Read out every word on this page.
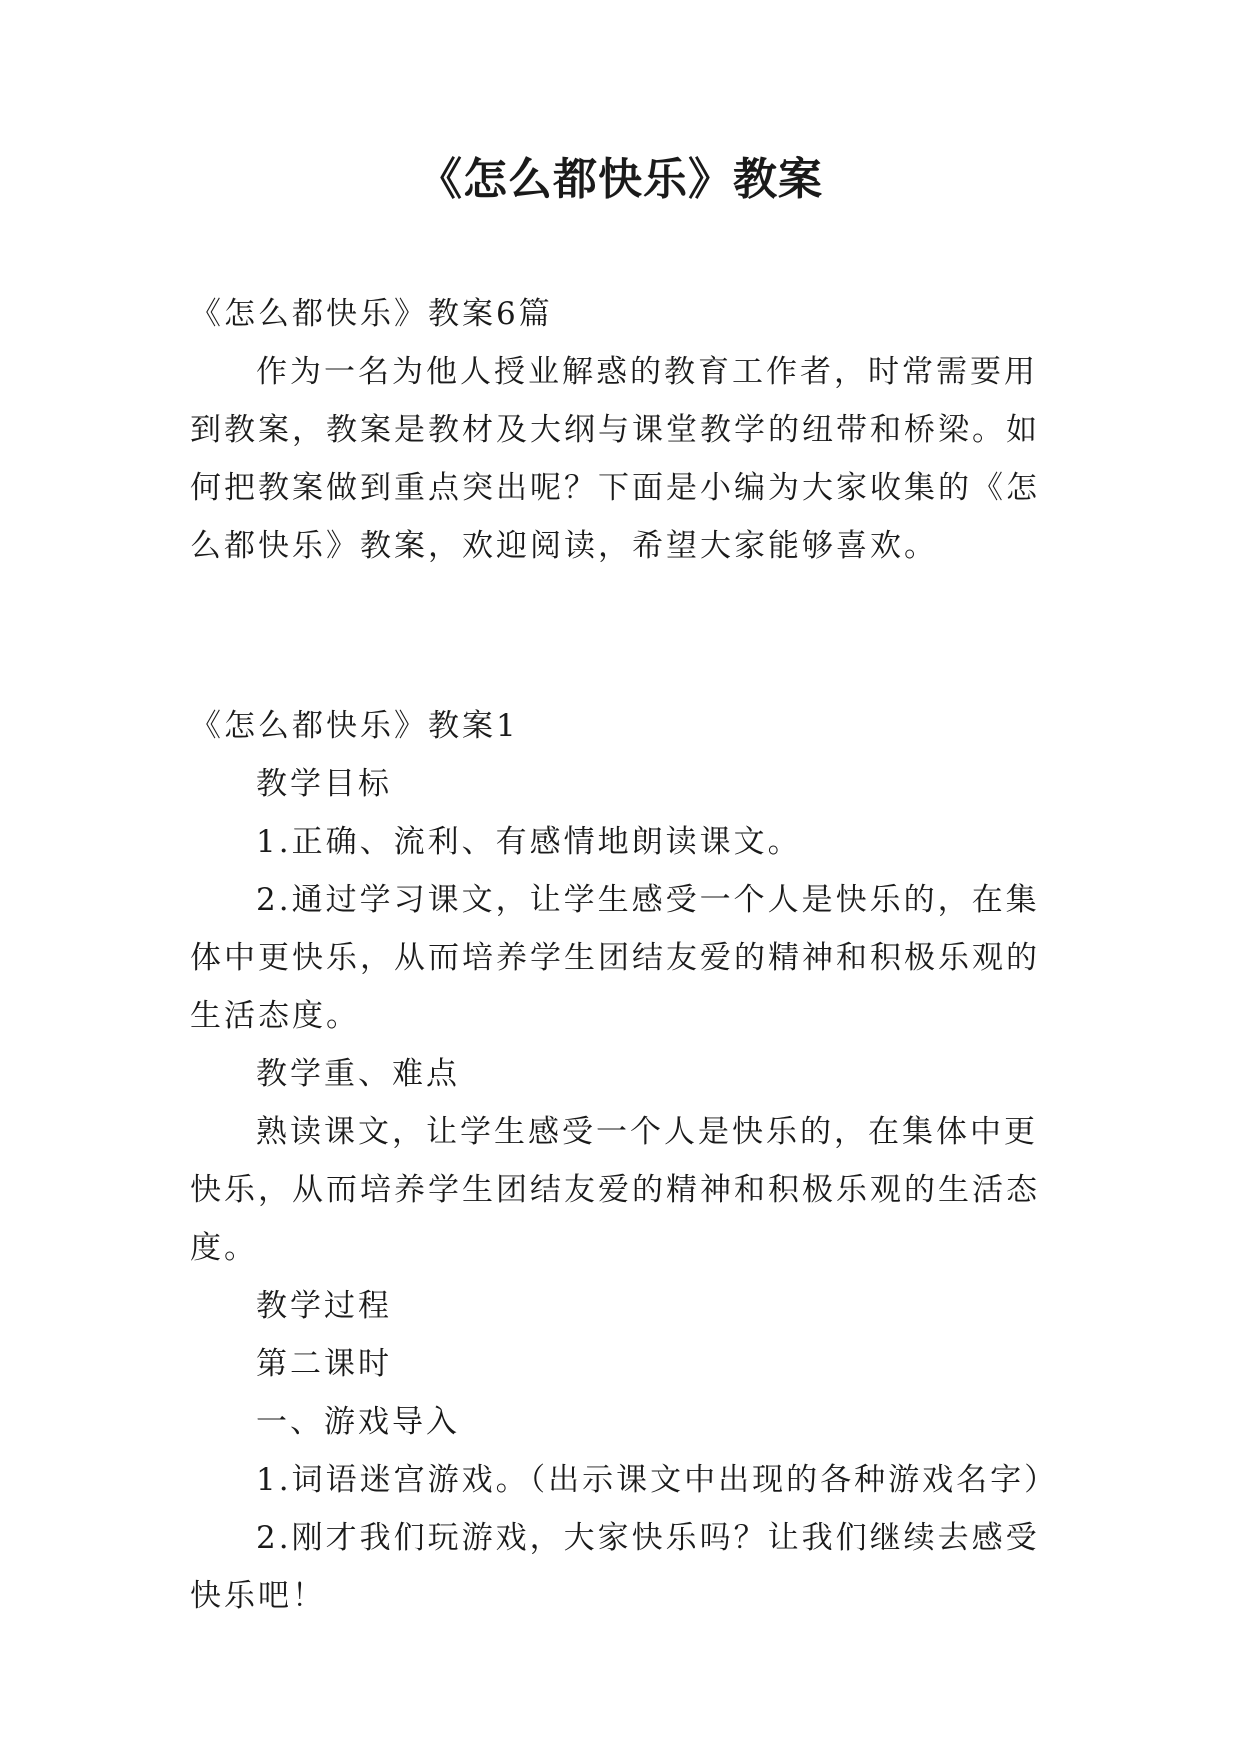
《怎么都快乐》教案

《怎么都快乐》教案6篇

作为一名为他人授业解惑的教育工作者，时常需要用到教案，教案是教材及大纲与课堂教学的纽带和桥梁。如何把教案做到重点突出呢？下面是小编为大家收集的《怎么都快乐》教案，欢迎阅读，希望大家能够喜欢。

《怎么都快乐》教案1

教学目标

1.正确、流利、有感情地朗读课文。

2.通过学习课文，让学生感受一个人是快乐的，在集体中更快乐，从而培养学生团结友爱的精神和积极乐观的生活态度。

教学重、难点

熟读课文，让学生感受一个人是快乐的，在集体中更快乐，从而培养学生团结友爱的精神和积极乐观的生活态度。

教学过程

第二课时

一、游戏导入

1.词语迷宫游戏。（出示课文中出现的各种游戏名字）

2.刚才我们玩游戏，大家快乐吗？让我们继续去感受快乐吧！
